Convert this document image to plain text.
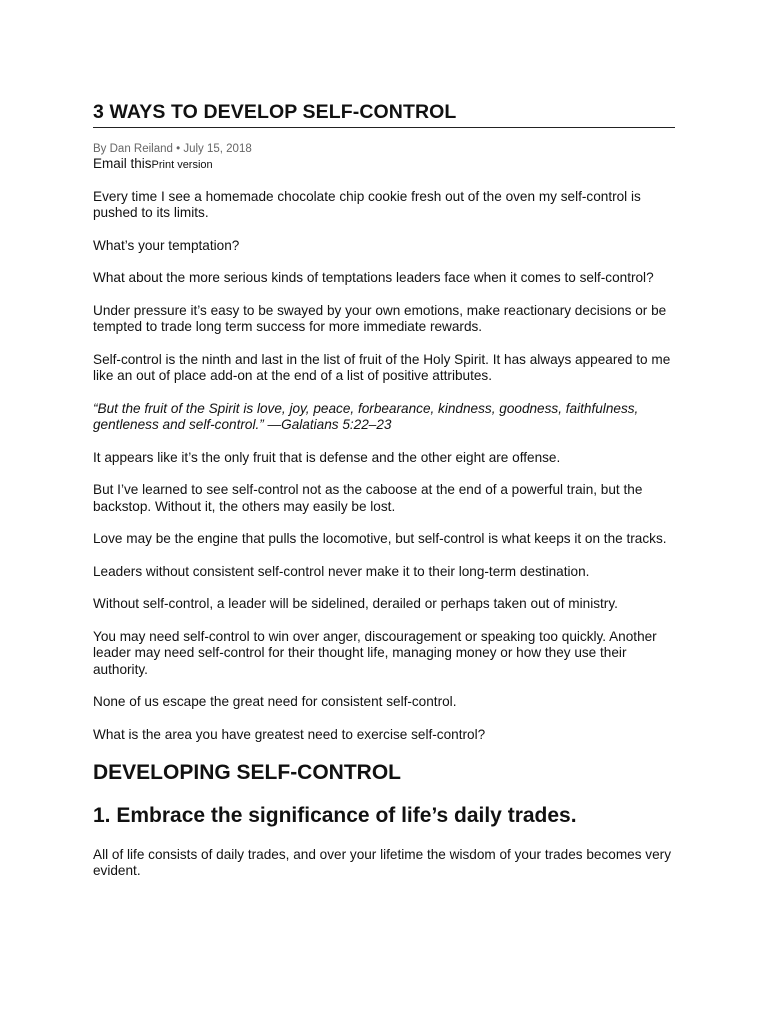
3 WAYS TO DEVELOP SELF-CONTROL
By Dan Reiland • July 15, 2018
Email thisPrint version

Every time I see a homemade chocolate chip cookie fresh out of the oven my self-control is pushed to its limits.

What’s your temptation?

What about the more serious kinds of temptations leaders face when it comes to self-control?

Under pressure it’s easy to be swayed by your own emotions, make reactionary decisions or be tempted to trade long term success for more immediate rewards.

Self-control is the ninth and last in the list of fruit of the Holy Spirit. It has always appeared to me like an out of place add-on at the end of a list of positive attributes.

“But the fruit of the Spirit is love, joy, peace, forbearance, kindness, goodness, faithfulness, gentleness and self-control.” —Galatians 5:22–23

It appears like it’s the only fruit that is defense and the other eight are offense.

But I’ve learned to see self-control not as the caboose at the end of a powerful train, but the backstop. Without it, the others may easily be lost.

Love may be the engine that pulls the locomotive, but self-control is what keeps it on the tracks.

Leaders without consistent self-control never make it to their long-term destination.

Without self-control, a leader will be sidelined, derailed or perhaps taken out of ministry.

You may need self-control to win over anger, discouragement or speaking too quickly. Another leader may need self-control for their thought life, managing money or how they use their authority.

None of us escape the great need for consistent self-control.

What is the area you have greatest need to exercise self-control?

DEVELOPING SELF-CONTROL
1. Embrace the significance of life’s daily trades.

All of life consists of daily trades, and over your lifetime the wisdom of your trades becomes very evident.
